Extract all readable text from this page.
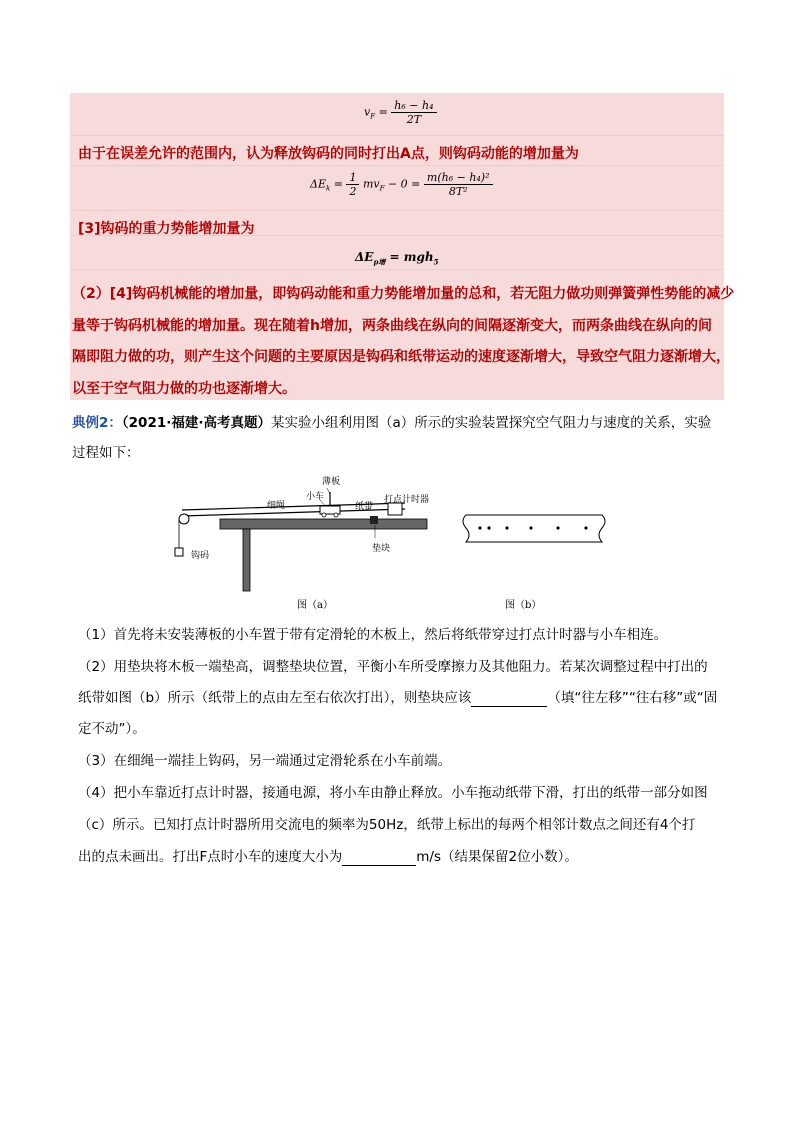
$v_F = \frac{\text{h₆ − h₄}}{2T}$
由于在误差允许的范围内，认为释放钩码的同时打出A点，则钩码动能的增加量为
$\Delta E_k = \frac{1}{2} mv_F - 0 = \frac{\text{m(h₆ − h₄)²}}{\text{8T²}}$
[3]钩码的重力势能增加量为
$\Delta E_{p增} = mgh_5$
（2）[4]钩码机械能的增加量，即钩码动能和重力势能增加量的总和，若无阻力做功则弹簧弹性势能的减少
量等于钩码机械能的增加量。现在随着h增加，两条曲线在纵向的间隔逐渐变大，而两条曲线在纵向的间
隔即阻力做的功，则产生这个问题的主要原因是钩码和纸带运动的速度逐渐增大，导致空气阻力逐渐增大，
以至于空气阻力做的功也逐渐增大。
典例2：（2021·福建·高考真题）某实验小组利用图（a）所示的实验装置探究空气阻力与速度的关系，实验
过程如下：
薄板
小车
细绳	纸带
打点计时器
钩码
垫块
图（a）	图（b）
（1）首先将未安装薄板的小车置于带有定滑轮的木板上，然后将纸带穿过打点计时器与小车相连。
（2）用垫块将木板一端垫高，调整垫块位置，平衡小车所受摩擦力及其他阻力。若某次调整过程中打出的
纸带如图（b）所示（纸带上的点由左至右依次打出），则垫块应该	（填“往左移”“往右移”或“固
定不动”）。
（3）在细绳一端挂上钩码，另一端通过定滑轮系在小车前端。
（4）把小车靠近打点计时器，接通电源，将小车由静止释放。小车拖动纸带下滑，打出的纸带一部分如图
（c）所示。已知打点计时器所用交流电的频率为50Hz，纸带上标出的每两个相邻计数点之间还有4个打
出的点未画出。打出F点时小车的速度大小为	m/s（结果保留2位小数）。
